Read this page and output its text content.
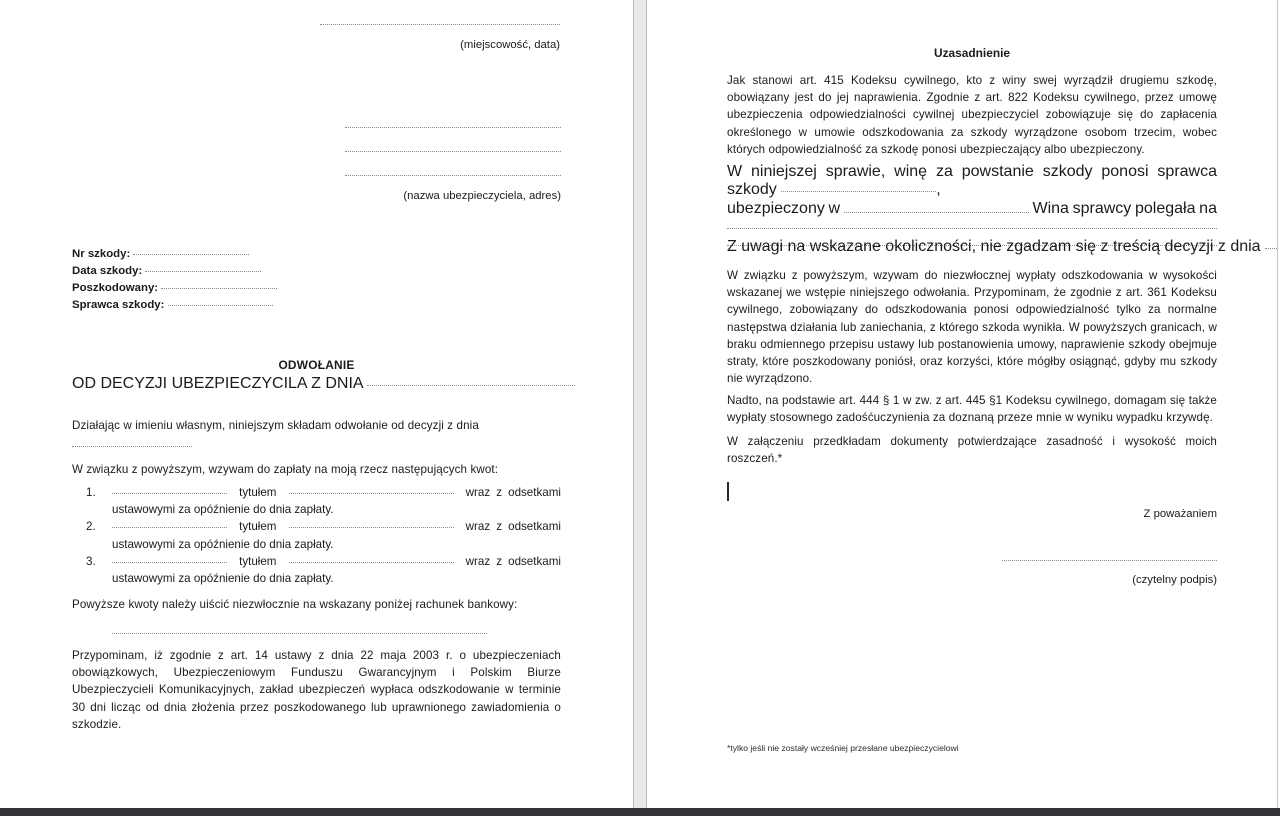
(miejscowość, data)
(nazwa ubezpieczyciela, adres)
Nr szkody:
Data szkody:
Poszkodowany:
Sprawca szkody:
ODWOŁANIE
OD DECYZJI UBEZPIECZYCILA Z DNIA

Działając w imieniu własnym, niniejszym składam odwołanie od decyzji z dnia

W związku z powyższym, wzywam do zapłaty na moją rzecz następujących kwot:

tytułem	wraz z odsetkami ustawowymi za opóźnienie do dnia zapłaty.
tytułem	wraz z odsetkami ustawowymi za opóźnienie do dnia zapłaty.
tytułem	wraz z odsetkami ustawowymi za opóźnienie do dnia zapłaty.

Powyższe kwoty należy uiścić niezwłocznie na wskazany poniżej rachunek bankowy:

Przypominam, iż zgodnie z art. 14 ustawy z dnia 22 maja 2003 r. o ubezpieczeniach obowiązkowych, Ubezpieczeniowym Funduszu Gwarancyjnym i Polskim Biurze Ubezpieczycieli Komunikacyjnych, zakład ubezpieczeń wypłaca odszkodowanie w terminie 30 dni licząc od dnia złożenia przez poszkodowanego lub uprawnionego zawiadomienia o szkodzie.

Uzasadnienie

Jak stanowi art. 415 Kodeksu cywilnego, kto z winy swej wyrządził drugiemu szkodę, obowiązany jest do jej naprawienia. Zgodnie z art. 822 Kodeksu cywilnego, przez umowę ubezpieczenia odpowiedzialności cywilnej ubezpieczyciel zobowiązuje się do zapłacenia określonego w umowie odszkodowania za szkody wyrządzone osobom trzecim, wobec których odpowiedzialność za szkodę ponosi ubezpieczający albo ubezpieczony.

W niniejszej sprawie, winę za powstanie szkody ponosi sprawca szkody	,
ubezpieczony w	Wina sprawcy polegała na
Z uwagi na wskazane okoliczności, nie zgadzam się z treścią decyzji z dnia

W związku z powyższym, wzywam do niezwłocznej wypłaty odszkodowania w wysokości wskazanej we wstępie niniejszego odwołania. Przypominam, że zgodnie z art. 361 Kodeksu cywilnego, zobowiązany do odszkodowania ponosi odpowiedzialność tylko za normalne następstwa działania lub zaniechania, z którego szkoda wynikła. W powyższych granicach, w braku odmiennego przepisu ustawy lub postanowienia umowy, naprawienie szkody obejmuje straty, które poszkodowany poniósł, oraz korzyści, które mógłby osiągnąć, gdyby mu szkody nie wyrządzono.

Nadto, na podstawie art. 444 § 1 w zw. z art. 445 §1 Kodeksu cywilnego, domagam się także wypłaty stosownego zadośćuczynienia za doznaną przeze mnie w wyniku wypadku krzywdę.

W załączeniu przedkładam dokumenty potwierdzające zasadność i wysokość moich roszczeń.*

Z poważaniem
(czytelny podpis)
*tylko jeśli nie zostały wcześniej przesłane ubezpieczycielowi
